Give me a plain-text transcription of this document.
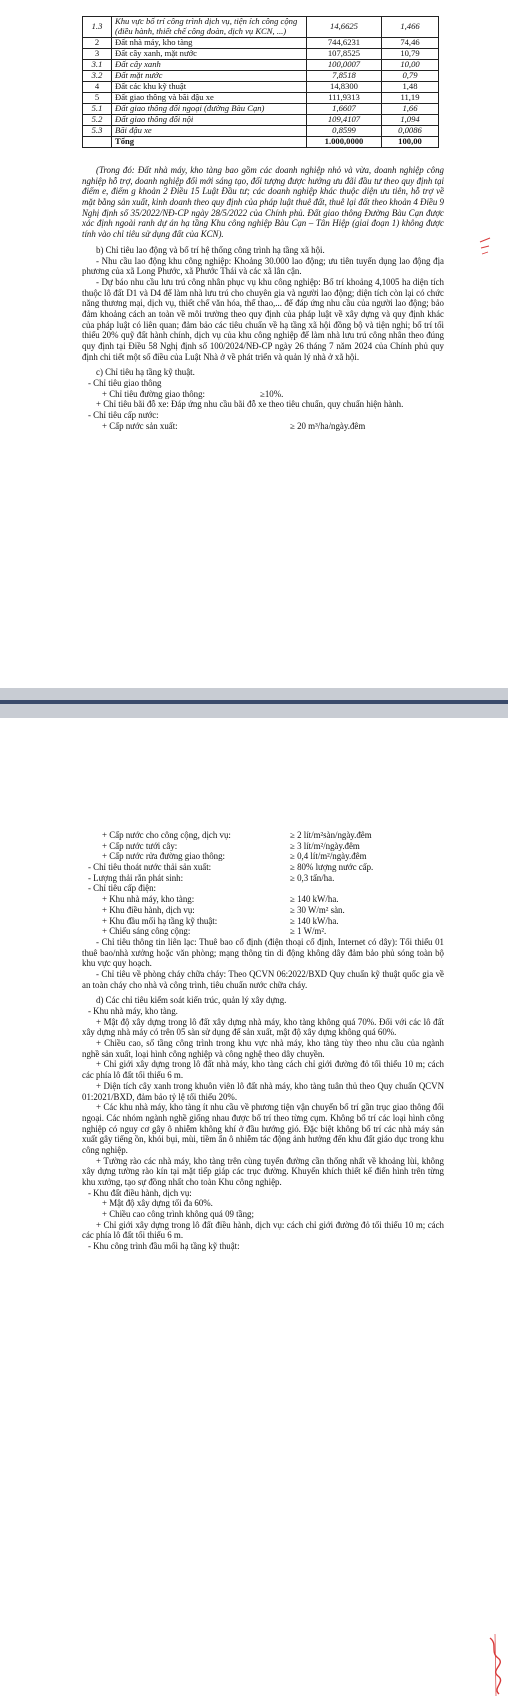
1.3	Khu vực bố trí công trình dịch vụ, tiện ích công cộng (điều hành, thiết chế công đoàn, dịch vụ KCN, ...)	14,6625	1,466
2	Đất nhà máy, kho tàng	744,6231	74,46
3	Đất cây xanh, mặt nước	107,8525	10,79
3.1	Đất cây xanh	100,0007	10,00
3.2	Đất mặt nước	7,8518	0,79
4	Đất các khu kỹ thuật	14,8300	1,48
5	Đất giao thông và bãi đậu xe	111,9313	11,19
5.1	Đất giao thông đối ngoại (đường Bàu Cạn)	1,6607	1,66
5.2	Đất giao thông đối nội	109,4107	1,094
5.3	Bãi đậu xe	0,8599	0,0086
	Tổng	1.000,0000	100,00

(Trong đó: Đất nhà máy, kho tàng bao gồm các doanh nghiệp nhỏ và vừa, doanh nghiệp công nghiệp hỗ trợ, doanh nghiệp đổi mới sáng tạo, đối tượng được hưởng ưu đãi đầu tư theo quy định tại điểm e, điểm g khoản 2 Điều 15 Luật Đầu tư; các doanh nghiệp khác thuộc diện ưu tiên, hỗ trợ về mặt bằng sản xuất, kinh doanh theo quy định của pháp luật thuê đất, thuê lại đất theo khoản 4 Điều 9 Nghị định số 35/2022/NĐ-CP ngày 28/5/2022 của Chính phủ. Đất giao thông Đường Bàu Cạn được xác định ngoài ranh dự án hạ tầng Khu công nghiệp Bàu Cạn – Tân Hiệp (giai đoạn 1) không được tính vào chỉ tiêu sử dụng đất của KCN).

b) Chỉ tiêu lao động và bố trí hệ thống công trình hạ tầng xã hội.

- Nhu cầu lao động khu công nghiệp: Khoảng 30.000 lao động; ưu tiên tuyển dụng lao động địa phương của xã Long Phước, xã Phước Thái và các xã lân cận.

- Dự báo nhu cầu lưu trú công nhân phục vụ khu công nghiệp: Bố trí khoảng 4,1005 ha diện tích thuộc lô đất D1 và D4 để làm nhà lưu trú cho chuyên gia và người lao động; diện tích còn lại có chức năng thương mại, dịch vụ, thiết chế văn hóa, thể thao,... để đáp ứng nhu cầu của người lao động; bảo đảm khoảng cách an toàn về môi trường theo quy định của pháp luật về xây dựng và quy định khác của pháp luật có liên quan; đảm bảo các tiêu chuẩn về hạ tầng xã hội đồng bộ và tiện nghi; bố trí tối thiểu 20% quỹ đất hành chính, dịch vụ của khu công nghiệp để làm nhà lưu trú công nhân theo đúng quy định tại Điều 58 Nghị định số 100/2024/NĐ-CP ngày 26 tháng 7 năm 2024 của Chính phủ quy định chi tiết một số điều của Luật Nhà ở về phát triển và quản lý nhà ở xã hội.

c) Chỉ tiêu hạ tầng kỹ thuật.

- Chỉ tiêu giao thông

+ Chỉ tiêu đường giao thông:	≥10%.

+ Chỉ tiêu bãi đỗ xe: Đáp ứng nhu cầu bãi đỗ xe theo tiêu chuẩn, quy chuẩn hiện hành.

- Chỉ tiêu cấp nước:

+ Cấp nước sản xuất:	≥ 20 m³/ha/ngày.đêm
+ Cấp nước cho công cộng, dịch vụ:	≥ 2 lít/m²sàn/ngày.đêm
+ Cấp nước tưới cây:	≥ 3 lít/m²/ngày.đêm
+ Cấp nước rửa đường giao thông:	≥ 0,4 lít/m²/ngày.đêm
- Chỉ tiêu thoát nước thải sản xuất:	≥ 80% lượng nước cấp.
- Lượng thải rắn phát sinh:	≥ 0,3 tấn/ha.
- Chỉ tiêu cấp điện:
+ Khu nhà máy, kho tàng:	≥ 140 kW/ha.
+ Khu điều hành, dịch vụ:	≥ 30 W/m² sàn.
+ Khu đầu mối hạ tầng kỹ thuật:	≥ 140 kW/ha.
+ Chiếu sáng công cộng:	≥ 1 W/m².

- Chỉ tiêu thông tin liên lạc: Thuê bao cố định (điện thoại cố định, Internet có dây): Tối thiểu 01 thuê bao/nhà xưởng hoặc văn phòng; mạng thông tin di động không dây đảm bảo phủ sóng toàn bộ khu vực quy hoạch.

- Chỉ tiêu về phòng cháy chữa cháy: Theo QCVN 06:2022/BXD Quy chuẩn kỹ thuật quốc gia về an toàn cháy cho nhà và công trình, tiêu chuẩn nước chữa cháy.

d) Các chỉ tiêu kiểm soát kiến trúc, quản lý xây dựng.

- Khu nhà máy, kho tàng.

+ Mật độ xây dựng trong lô đất xây dựng nhà máy, kho tàng không quá 70%. Đối với các lô đất xây dựng nhà máy có trên 05 sàn sử dụng để sản xuất, mật độ xây dựng không quá 60%.

+ Chiều cao, số tầng công trình trong khu vực nhà máy, kho tàng tùy theo nhu cầu của ngành nghề sản xuất, loại hình công nghiệp và công nghệ theo dây chuyền.

+ Chỉ giới xây dựng trong lô đất nhà máy, kho tàng cách chỉ giới đường đỏ tối thiểu 10 m; cách các phía lô đất tối thiểu 6 m.

+ Diện tích cây xanh trong khuôn viên lô đất nhà máy, kho tàng tuân thủ theo Quy chuẩn QCVN 01:2021/BXD, đảm bảo tỷ lệ tối thiểu 20%.

+ Các khu nhà máy, kho tàng ít nhu cầu về phương tiện vận chuyển bố trí gần trục giao thông đối ngoại. Các nhóm ngành nghề giống nhau được bố trí theo từng cụm. Không bố trí các loại hình công nghiệp có nguy cơ gây ô nhiễm không khí ở đầu hướng gió. Đặc biệt không bố trí các nhà máy sản xuất gây tiếng ồn, khói bụi, mùi, tiềm ẩn ô nhiễm tác động ảnh hưởng đến khu đất giáo dục trong khu công nghiệp.

+ Tường rào các nhà máy, kho tàng trên cùng tuyến đường cần thống nhất về khoảng lùi, không xây dựng tường rào kín tại mặt tiếp giáp các trục đường. Khuyến khích thiết kế điển hình trên từng khu xưởng, tạo sự đồng nhất cho toàn Khu công nghiệp.

- Khu đất điều hành, dịch vụ:

+ Mật độ xây dựng tối đa 60%.

+ Chiều cao công trình không quá 09 tầng;

+ Chỉ giới xây dựng trong lô đất điều hành, dịch vụ: cách chỉ giới đường đỏ tối thiểu 10 m; cách các phía lô đất tối thiểu 6 m.

- Khu công trình đầu mối hạ tầng kỹ thuật:
